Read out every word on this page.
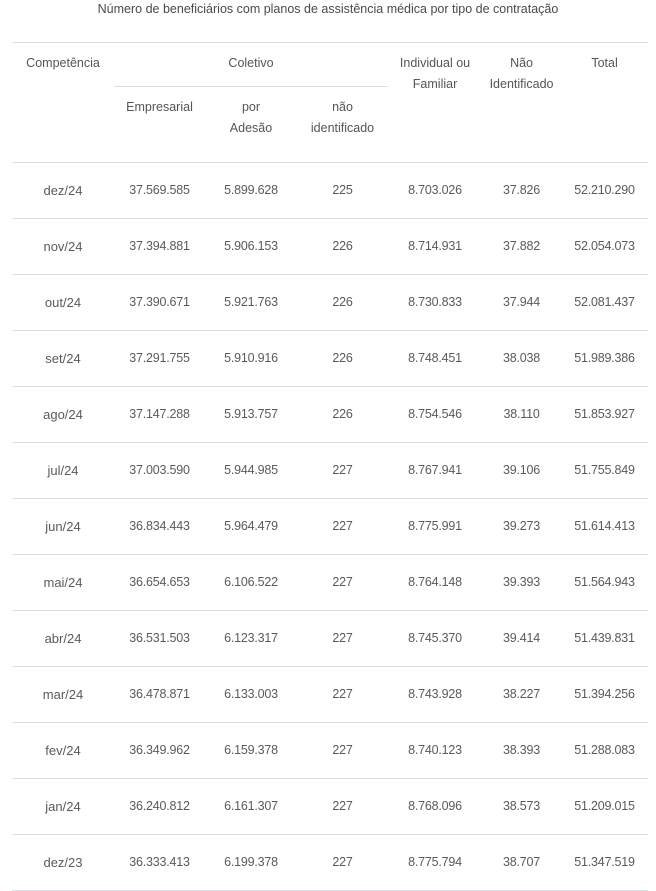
Número de beneficiários com planos de assistência médica por tipo de contratação
Competência	Coletivo			Individual ou Familiar	Não Identificado	Total
	Empresarial	por Adesão	não identificado			
dez/24	37.569.585	5.899.628	225	8.703.026	37.826	52.210.290
nov/24	37.394.881	5.906.153	226	8.714.931	37.882	52.054.073
out/24	37.390.671	5.921.763	226	8.730.833	37.944	52.081.437
set/24	37.291.755	5.910.916	226	8.748.451	38.038	51.989.386
ago/24	37.147.288	5.913.757	226	8.754.546	38.110	51.853.927
jul/24	37.003.590	5.944.985	227	8.767.941	39.106	51.755.849
jun/24	36.834.443	5.964.479	227	8.775.991	39.273	51.614.413
mai/24	36.654.653	6.106.522	227	8.764.148	39.393	51.564.943
abr/24	36.531.503	6.123.317	227	8.745.370	39.414	51.439.831
mar/24	36.478.871	6.133.003	227	8.743.928	38.227	51.394.256
fev/24	36.349.962	6.159.378	227	8.740.123	38.393	51.288.083
jan/24	36.240.812	6.161.307	227	8.768.096	38.573	51.209.015
dez/23	36.333.413	6.199.378	227	8.775.794	38.707	51.347.519
